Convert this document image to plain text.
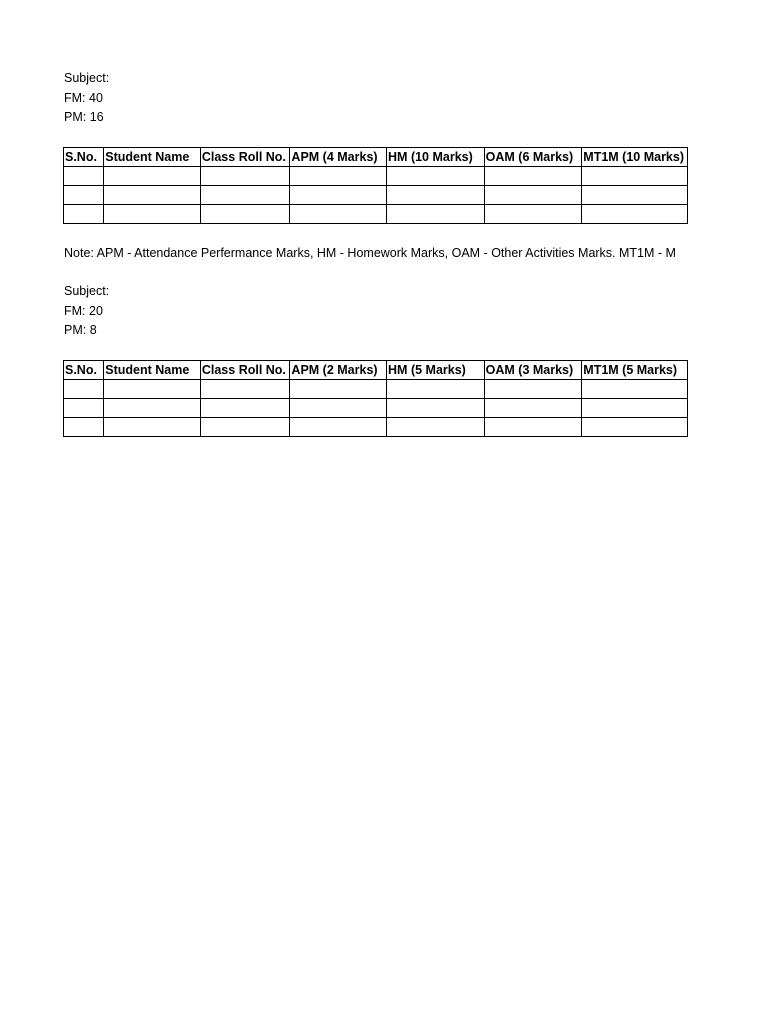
Subject:
FM: 40
PM: 16
S.No.	Student Name	Class Roll No.	APM (4 Marks)	HM (10 Marks)	OAM (6 Marks)	MT1M (10 Marks)

Note: APM - Attendance Perfermance Marks, HM - Homework Marks, OAM - Other Activities Marks. MT1M - M
Subject:
FM: 20
PM: 8
S.No.	Student Name	Class Roll No.	APM (2 Marks)	HM (5 Marks)	OAM (3 Marks)	MT1M (5 Marks)
